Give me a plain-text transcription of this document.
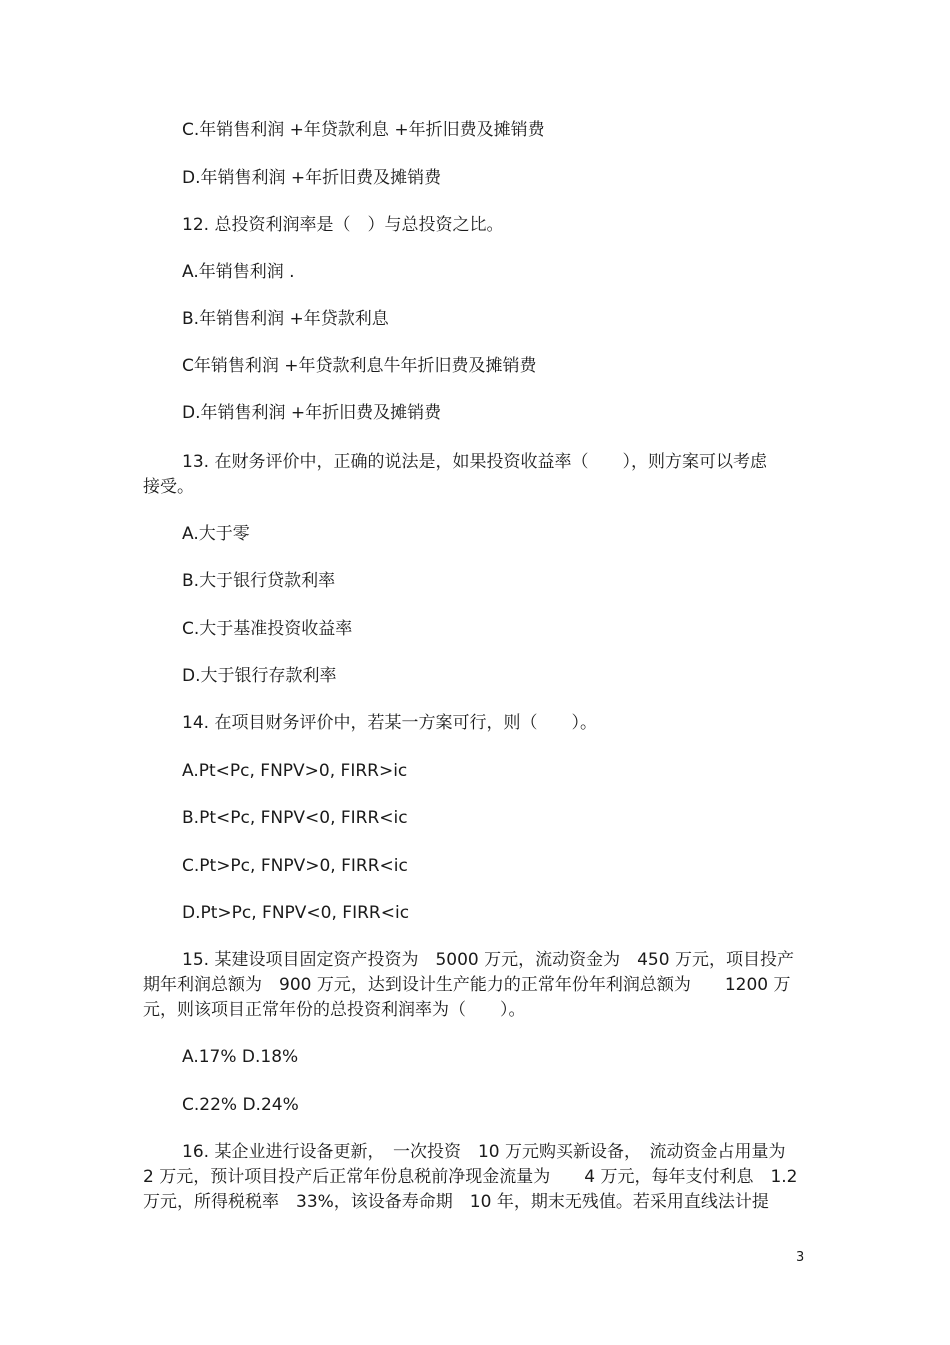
C.年销售利润 +年贷款利息 +年折旧费及摊销费
D.年销售利润 +年折旧费及摊销费
12. 总投资利润率是（　）与总投资之比。
A.年销售利润 .
B.年销售利润 +年贷款利息
C年销售利润 +年贷款利息牛年折旧费及摊销费
D.年销售利润 +年折旧费及摊销费
13. 在财务评价中，正确的说法是，如果投资收益率（　　），则方案可以考虑
接受。
A.大于零
B.大于银行贷款利率
C.大于基准投资收益率
D.大于银行存款利率
14. 在项目财务评价中，若某一方案可行，则（　　）。
A.Pt<Pc, FNPV>0, FIRR>ic
B.Pt<Pc, FNPV<0, FIRR<ic
C.Pt>Pc, FNPV>0, FIRR<ic
D.Pt>Pc, FNPV<0, FIRR<ic
15. 某建设项目固定资产投资为　5000 万元，流动资金为　450 万元，项目投产
期年利润总额为　900 万元，达到设计生产能力的正常年份年利润总额为　　1200 万
元，则该项目正常年份的总投资利润率为（　　）。
A.17% D.18%
C.22% D.24%
16. 某企业进行设备更新，　一次投资　10 万元购买新设备，　流动资金占用量为
2 万元，预计项目投产后正常年份息税前净现金流量为　　4 万元，每年支付利息　1.2
万元，所得税税率　33%，该设备寿命期　10 年，期末无残值。若采用直线法计提
3
